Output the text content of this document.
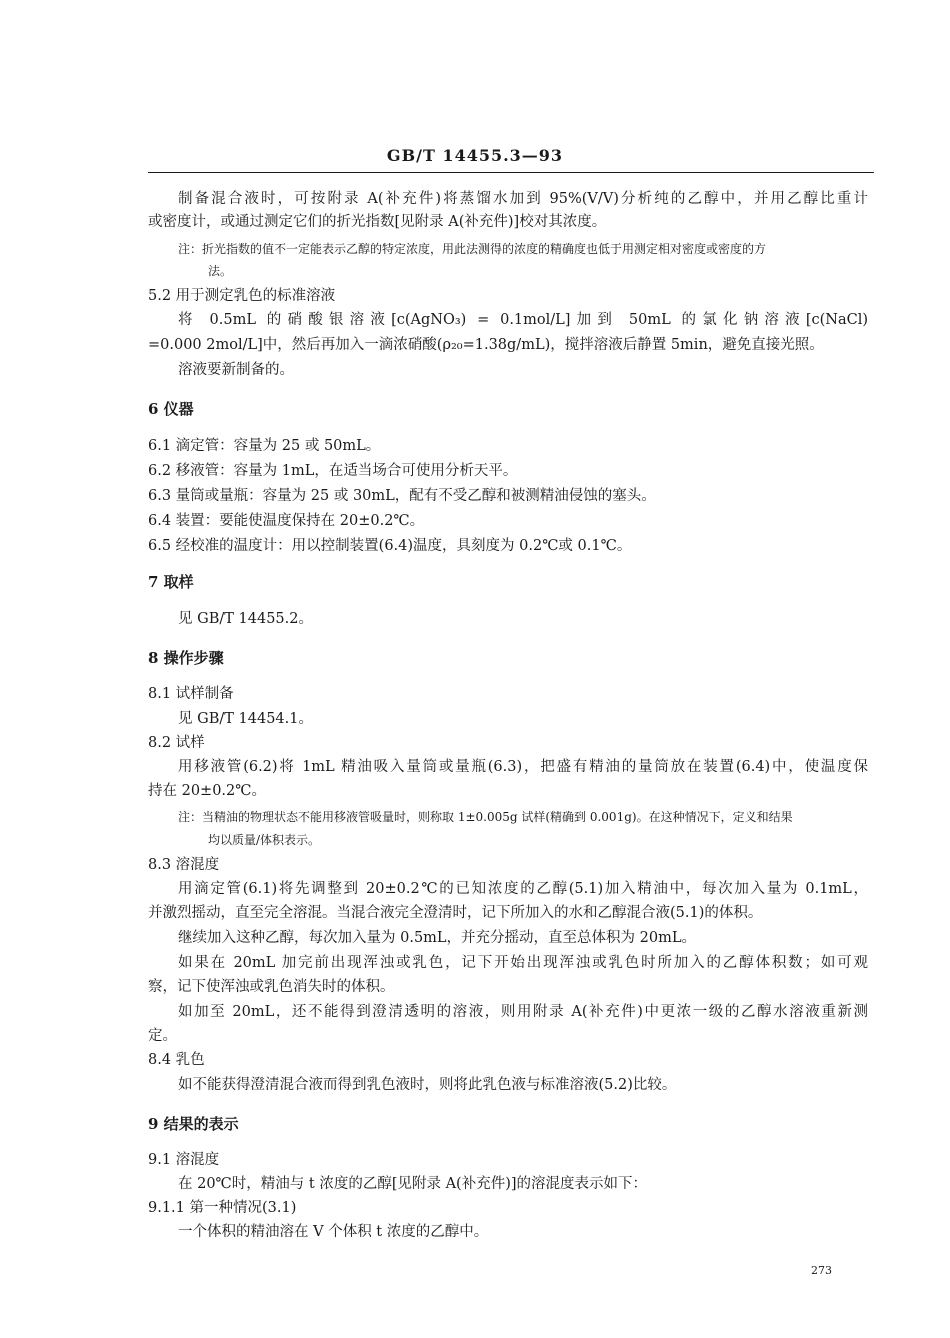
GB/T 14455.3—93
制备混合液时，可按附录 A(补充件)将蒸馏水加到 95%(V/V)分析纯的乙醇中，并用乙醇比重计
或密度计，或通过测定它们的折光指数[见附录 A(补充件)]校对其浓度。
注：折光指数的值不一定能表示乙醇的特定浓度，用此法测得的浓度的精确度也低于用测定相对密度或密度的方
法。
5.2 用于测定乳色的标准溶液
将 0.5mL 的硝酸银溶液[c(AgNO₃) = 0.1mol/L]加到 50mL 的氯化钠溶液[c(NaCl)
=0.000 2mol/L]中，然后再加入一滴浓硝酸(ρ₂₀=1.38g/mL)，搅拌溶液后静置 5min，避免直接光照。
溶液要新制备的。
6 仪器
6.1 滴定管：容量为 25 或 50mL。
6.2 移液管：容量为 1mL，在适当场合可使用分析天平。
6.3 量筒或量瓶：容量为 25 或 30mL，配有不受乙醇和被测精油侵蚀的塞头。
6.4 装置：要能使温度保持在 20±0.2℃。
6.5 经校准的温度计：用以控制装置(6.4)温度，具刻度为 0.2℃或 0.1℃。
7 取样
见 GB/T 14455.2。
8 操作步骤
8.1 试样制备
见 GB/T 14454.1。
8.2 试样
用移液管(6.2)将 1mL 精油吸入量筒或量瓶(6.3)，把盛有精油的量筒放在装置(6.4)中，使温度保
持在 20±0.2℃。
注：当精油的物理状态不能用移液管吸量时，则称取 1±0.005g 试样(精确到 0.001g)。在这种情况下，定义和结果
均以质量/体积表示。
8.3 溶混度
用滴定管(6.1)将先调整到 20±0.2℃的已知浓度的乙醇(5.1)加入精油中，每次加入量为 0.1mL，
并激烈摇动，直至完全溶混。当混合液完全澄清时，记下所加入的水和乙醇混合液(5.1)的体积。
继续加入这种乙醇，每次加入量为 0.5mL，并充分摇动，直至总体积为 20mL。
如果在 20mL 加完前出现浑浊或乳色，记下开始出现浑浊或乳色时所加入的乙醇体积数；如可观
察，记下使浑浊或乳色消失时的体积。
如加至 20mL，还不能得到澄清透明的溶液，则用附录 A(补充件)中更浓一级的乙醇水溶液重新测
定。
8.4 乳色
如不能获得澄清混合液而得到乳色液时，则将此乳色液与标准溶液(5.2)比较。
9 结果的表示
9.1 溶混度
在 20℃时，精油与 t 浓度的乙醇[见附录 A(补充件)]的溶混度表示如下：
9.1.1 第一种情况(3.1)
一个体积的精油溶在 V 个体积 t 浓度的乙醇中。
273
